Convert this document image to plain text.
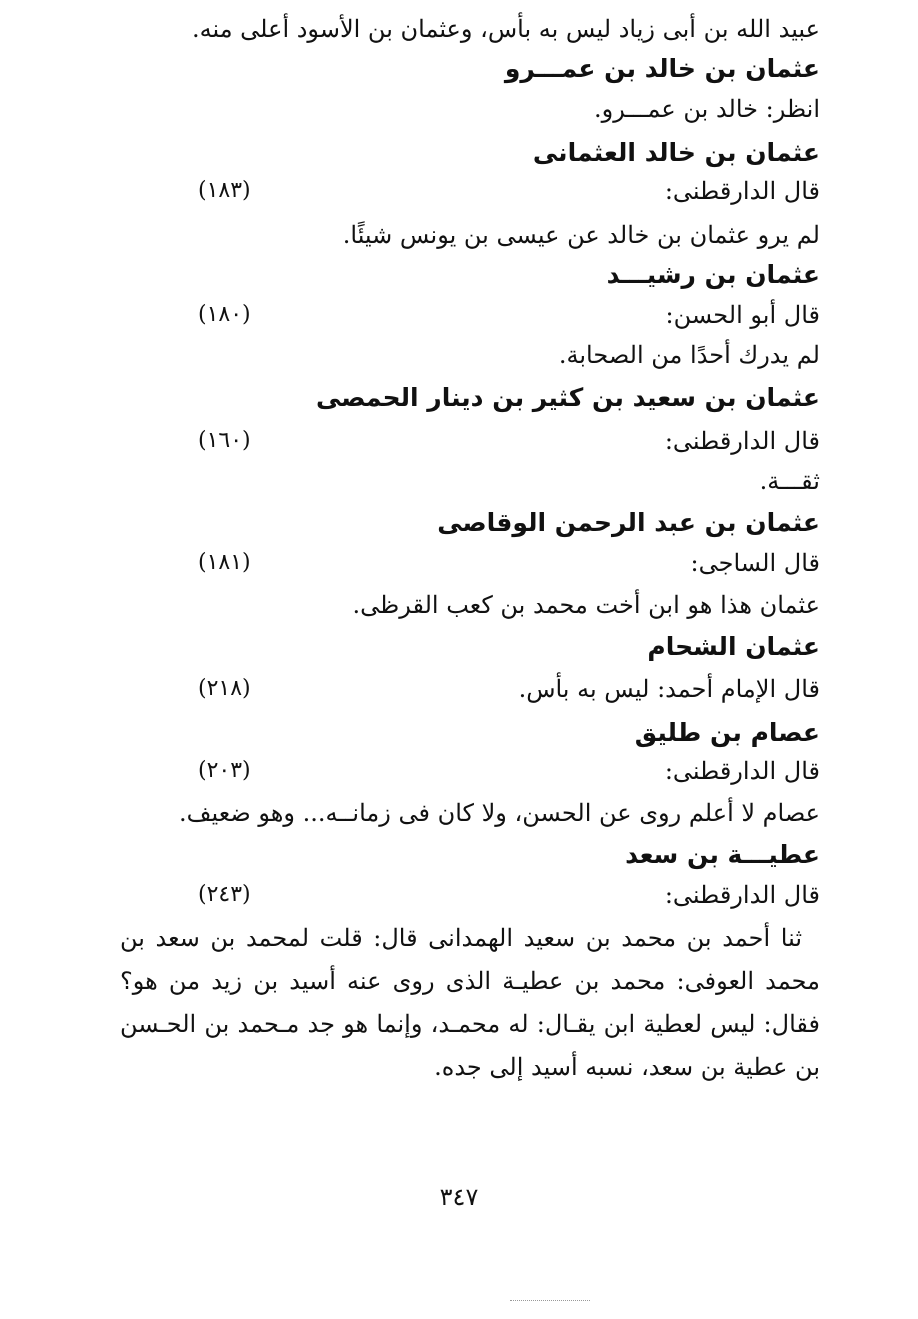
عبيد الله بن أبى زياد ليس به بأس، وعثمان بن الأسود أعلى منه.
عثمان بن خالد بن عمـــرو
انظر: خالد بن عمـــرو.
عثمان بن خالد العثمانى
قال الدارقطنى:
(١٨٣)
لم يرو عثمان بن خالد عن عيسى بن يونس شيئًا.
عثمان بن رشيـــد
قال أبو الحسن:
(١٨٠)
لم يدرك أحدًا من الصحابة.
عثمان بن سعيد بن كثير بن دينار الحمصى
قال الدارقطنى:
(١٦٠)
ثقـــة.
عثمان بن عبد الرحمن الوقاصى
قال الساجى:
(١٨١)
عثمان هذا هو ابن أخت محمد بن كعب القرظى.
عثمان الشحام
قال الإمام أحمد: ليس به بأس.
(٢١٨)
عصام بن طليق
قال الدارقطنى:
(٢٠٣)
عصام لا أعلم روى عن الحسن، ولا كان فى زمانــه... وهو ضعيف.
عطيـــة بن سعد
قال الدارقطنى:
(٢٤٣)
ثنا أحمد بن محمد بن سعيد الهمدانى قال: قلت لمحمد بن سعد بن محمد العوفى: محمد بن عطيـة الذى روى عنه أسيد بن زيد من هو؟ فقال: ليس لعطية ابن يقـال: له محمـد، وإنما هو جد مـحمد بن الحـسن بن عطية بن سعد، نسبه أسيد إلى جده.
٣٤٧
